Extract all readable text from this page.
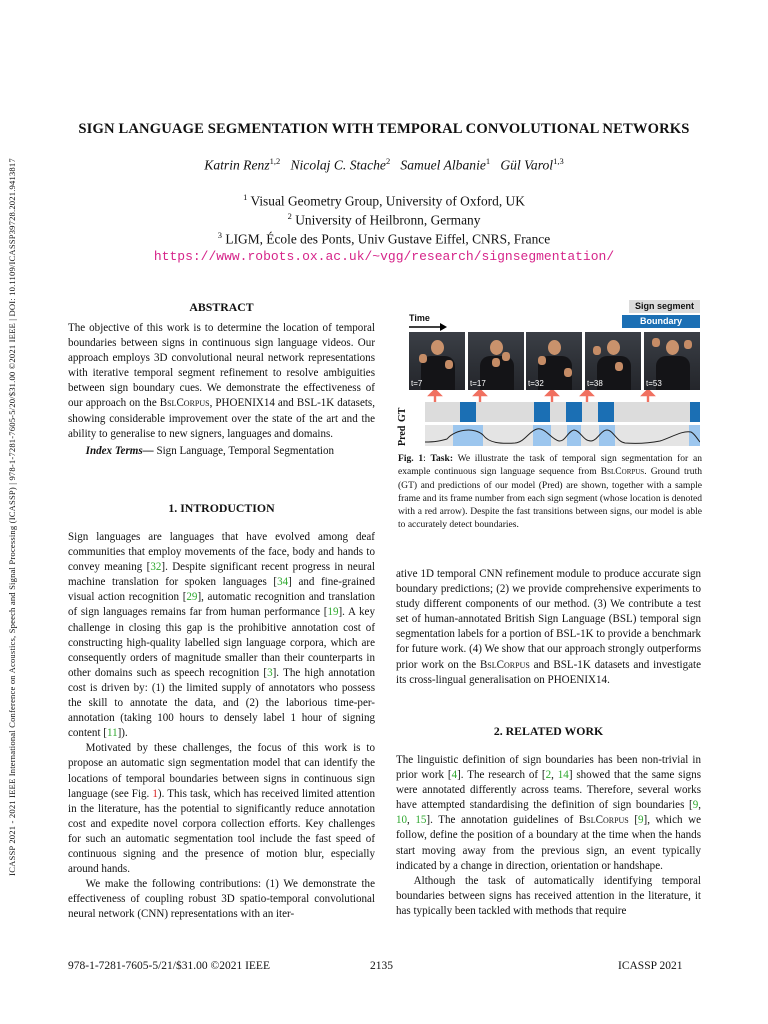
ICASSP 2021 - 2021 IEEE International Conference on Acoustics, Speech and Signal Processing (ICASSP) | 978-1-7281-7605-5/20/$31.00 ©2021 IEEE | DOI: 10.1109/ICASSP39728.2021.9413817
SIGN LANGUAGE SEGMENTATION WITH TEMPORAL CONVOLUTIONAL NETWORKS
Katrin Renz$^{1,2}$ Nicolaj C. Stache$^2$ Samuel Albanie$^1$ Gül Varol$^{1,3}$
$^1$ Visual Geometry Group, University of Oxford, UK
$^2$ University of Heilbronn, Germany
$^3$ LIGM, École des Ponts, Univ Gustave Eiffel, CNRS, France
https://www.robots.ox.ac.uk/~vgg/research/signsegmentation/
ABSTRACT

The objective of this work is to determine the location of temporal boundaries between signs in continuous sign language videos. Our approach employs 3D convolutional neural network representations with iterative temporal segment refinement to resolve ambiguities between sign boundary cues. We demonstrate the effectiveness of our approach on the BslCorpus, PHOENIX14 and BSL-1K datasets, showing considerable improvement over the state of the art and the ability to generalise to new signers, languages and domains.

Index Terms— Sign Language, Temporal Segmentation

1. INTRODUCTION

Sign languages are languages that have evolved among deaf communities that employ movements of the face, body and hands to convey meaning [32]. Despite significant recent progress in neural machine translation for spoken languages [34] and fine-grained visual action recognition [29], automatic recognition and translation of sign languages remains far from human performance [19]. A key challenge in closing this gap is the prohibitive annotation cost of constructing high-quality labelled sign language corpora, which are consequently orders of magnitude smaller than their counterparts in other domains such as speech recognition [3]. The high annotation cost is driven by: (1) the limited supply of annotators who possess the skill to annotate the data, and (2) the laborious time-per-annotation (taking 100 hours to densely label 1 hour of signing content [11]).

Motivated by these challenges, the focus of this work is to propose an automatic sign segmentation model that can identify the locations of temporal boundaries between signs in continuous sign language (see Fig. 1). This task, which has received limited attention in the literature, has the potential to significantly reduce annotation cost and expedite novel corpora collection efforts. Key challenges for such an automatic segmentation tool include the fast speed of continuous signing and the presence of motion blur, especially around hands.

We make the following contributions: (1) We demonstrate the effectiveness of coupling robust 3D spatio-temporal convolutional neural network (CNN) representations with an iter-

Sign segment
Boundary
Time
t=7	t=17	t=32	t=38	t=53
GT
Pred
Fig. 1: Task: We illustrate the task of temporal sign segmentation for an example continuous sign language sequence from BslCorpus. Ground truth (GT) and predictions of our model (Pred) are shown, together with a sample frame and its frame number from each sign segment (whose location is denoted with a red arrow). Despite the fast transitions between signs, our model is able to accurately detect boundaries.

ative 1D temporal CNN refinement module to produce accurate sign boundary predictions; (2) we provide comprehensive experiments to study different components of our method. (3) We contribute a test set of human-annotated British Sign Language (BSL) temporal sign segmentation labels for a portion of BSL-1K to provide a benchmark for future work. (4) We show that our approach strongly outperforms prior work on the BslCorpus and BSL-1K datasets and investigate its cross-lingual generalisation on PHOENIX14.

2. RELATED WORK

The linguistic definition of sign boundaries has been non-trivial in prior work [4]. The research of [2, 14] showed that the same signs were annotated differently across teams. Therefore, several works have attempted standardising the definition of sign boundaries [9, 10, 15]. The annotation guidelines of BslCorpus [9], which we follow, define the position of a boundary at the time when the hands start moving away from the previous sign, an event typically indicated by a change in direction, orientation or handshape.

Although the task of automatically identifying temporal boundaries between signs has received attention in the literature, it has typically been tackled with methods that require

978-1-7281-7605-5/21/$31.00 ©2021 IEEE	2135	ICASSP 2021
